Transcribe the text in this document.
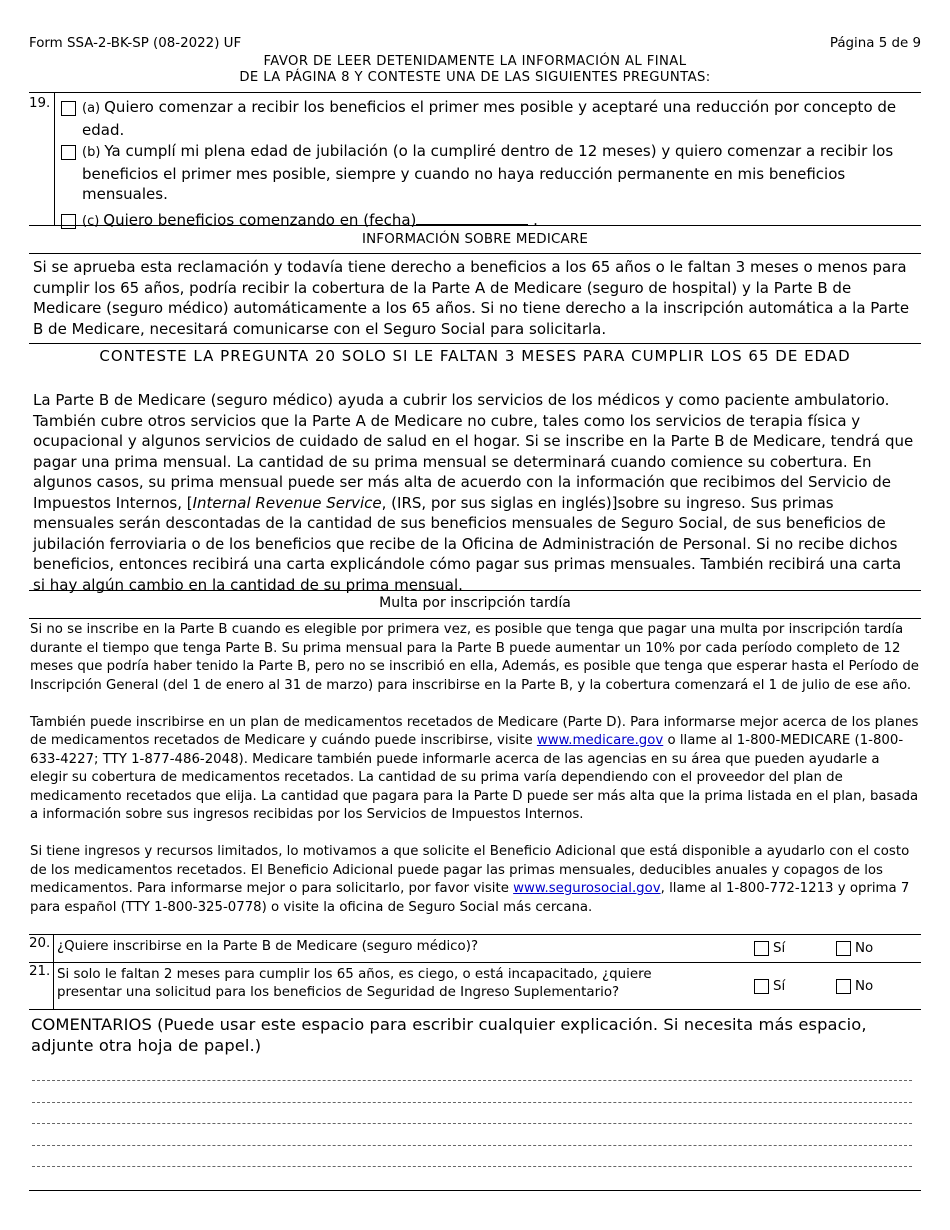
Form SSA-2-BK-SP (08-2022) UF	Página 5 de 9
FAVOR DE LEER DETENIDAMENTE LA INFORMACIÓN AL FINAL
DE LA PÁGINA 8 Y CONTESTE UNA DE LAS SIGUIENTES PREGUNTAS:
19.	(a) Quiero comenzar a recibir los beneficios el primer mes posible y aceptaré una reducción por concepto de edad.
(b) Ya cumplí mi plena edad de jubilación (o la cumpliré dentro de 12 meses) y quiero comenzar a recibir los beneficios el primer mes posible, siempre y cuando no haya reducción permanente en mis beneficios mensuales.
(c) Quiero beneficios comenzando en (fecha)	.
INFORMACIÓN SOBRE MEDICARE
Si se aprueba esta reclamación y todavía tiene derecho a beneficios a los 65 años o le faltan 3 meses o menos para cumplir los 65 años, podría recibir la cobertura de la Parte A de Medicare (seguro de hospital) y la Parte B de Medicare (seguro médico) automáticamente a los 65 años. Si no tiene derecho a la inscripción automática a la Parte B de Medicare, necesitará comunicarse con el Seguro Social para solicitarla.
CONTESTE LA PREGUNTA 20 SOLO SI LE FALTAN 3 MESES PARA CUMPLIR LOS 65 DE EDAD
La Parte B de Medicare (seguro médico) ayuda a cubrir los servicios de los médicos y como paciente ambulatorio. También cubre otros servicios que la Parte A de Medicare no cubre, tales como los servicios de terapia física y ocupacional y algunos servicios de cuidado de salud en el hogar. Si se inscribe en la Parte B de Medicare, tendrá que pagar una prima mensual. La cantidad de su prima mensual se determinará cuando comience su cobertura. En algunos casos, su prima mensual puede ser más alta de acuerdo con la información que recibimos del Servicio de Impuestos Internos, [Internal Revenue Service, (IRS, por sus siglas en inglés)]sobre su ingreso. Sus primas mensuales serán descontadas de la cantidad de sus beneficios mensuales de Seguro Social, de sus beneficios de jubilación ferroviaria o de los beneficios que recibe de la Oficina de Administración de Personal. Si no recibe dichos beneficios, entonces recibirá una carta explicándole cómo pagar sus primas mensuales. También recibirá una carta si hay algún cambio en la cantidad de su prima mensual.
Multa por inscripción tardía

Si no se inscribe en la Parte B cuando es elegible por primera vez, es posible que tenga que pagar una multa por inscripción tardía durante el tiempo que tenga Parte B. Su prima mensual para la Parte B puede aumentar un 10% por cada período completo de 12 meses que podría haber tenido la Parte B, pero no se inscribió en ella, Además, es posible que tenga que esperar hasta el Período de Inscripción General (del 1 de enero al 31 de marzo) para inscribirse en la Parte B, y la cobertura comenzará el 1 de julio de ese año.

También puede inscribirse en un plan de medicamentos recetados de Medicare (Parte D). Para informarse mejor acerca de los planes de medicamentos recetados de Medicare y cuándo puede inscribirse, visite www.medicare.gov o llame al 1-800-MEDICARE (1-800-633-4227; TTY 1-877-486-2048). Medicare también puede informarle acerca de las agencias en su área que pueden ayudarle a elegir su cobertura de medicamentos recetados. La cantidad de su prima varía dependiendo con el proveedor del plan de medicamento recetados que elija. La cantidad que pagara para la Parte D puede ser más alta que la prima listada en el plan, basada a información sobre sus ingresos recibidas por los Servicios de Impuestos Internos.

Si tiene ingresos y recursos limitados, lo motivamos a que solicite el Beneficio Adicional que está disponible a ayudarlo con el costo de los medicamentos recetados. El Beneficio Adicional puede pagar las primas mensuales, deducibles anuales y copagos de los medicamentos. Para informarse mejor o para solicitarlo, por favor visite www.segurosocial.gov, llame al 1-800-772-1213 y oprima 7 para español (TTY 1-800-325-0778) o visite la oficina de Seguro Social más cercana.

20. ¿Quiere inscribirse en la Parte B de Medicare (seguro médico)?	Sí	No
21. Si solo le faltan 2 meses para cumplir los 65 años, es ciego, o está incapacitado, ¿quiere presentar una solicitud para los beneficios de Seguridad de Ingreso Suplementario?	Sí	No
COMENTARIOS (Puede usar este espacio para escribir cualquier explicación. Si necesita más espacio, adjunte otra hoja de papel.)
